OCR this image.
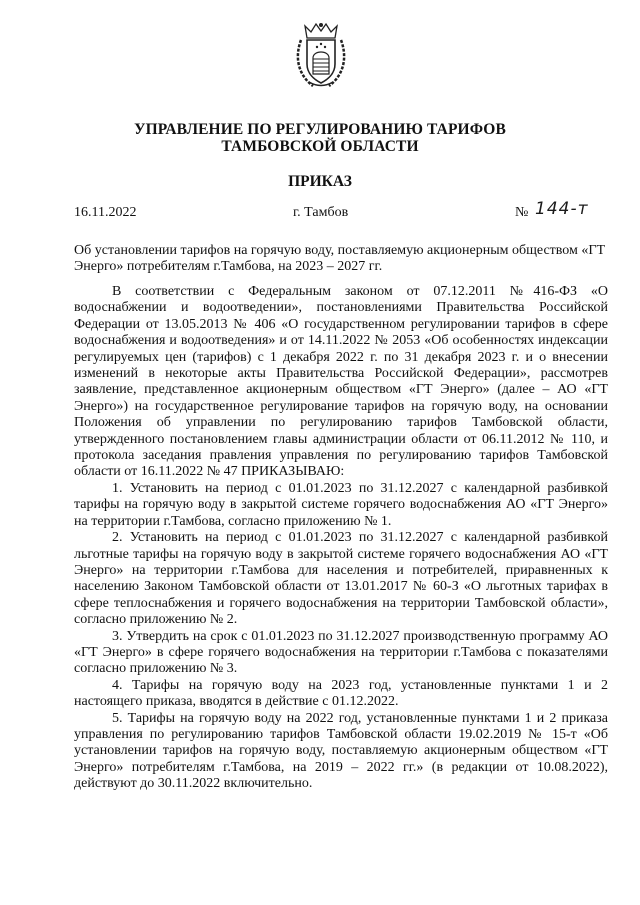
УПРАВЛЕНИЕ ПО РЕГУЛИРОВАНИЮ ТАРИФОВ
ТАМБОВСКОЙ ОБЛАСТИ
ПРИКАЗ
16.11.2022	г. Тамбов	№ 144-т
Об установлении тарифов на горячую воду, поставляемую акционерным обществом «ГТ Энерго» потребителям г.Тамбова, на 2023 – 2027 гг.

В соответствии с Федеральным законом от 07.12.2011 №416-ФЗ «О водоснабжении и водоотведении», постановлениями Правительства Российской Федерации от 13.05.2013 № 406 «О государственном регулировании тарифов в сфере водоснабжения и водоотведения» и от 14.11.2022 № 2053 «Об особенностях индексации регулируемых цен (тарифов) с 1 декабря 2022 г. по 31 декабря 2023 г. и о внесении изменений в некоторые акты Правительства Российской Федерации», рассмотрев заявление, представленное акционерным обществом «ГТ Энерго» (далее – АО «ГТ Энерго») на государственное регулирование тарифов на горячую воду, на основании Положения об управлении по регулированию тарифов Тамбовской области, утвержденного постановлением главы администрации области от 06.11.2012 № 110, и протокола заседания правления управления по регулированию тарифов Тамбовской области от 16.11.2022 № 47 ПРИКАЗЫВАЮ:

1. Установить на период с 01.01.2023 по 31.12.2027 с календарной разбивкой тарифы на горячую воду в закрытой системе горячего водоснабжения АО «ГТ Энерго» на территории г.Тамбова, согласно приложению № 1.

2. Установить на период с 01.01.2023 по 31.12.2027 с календарной разбивкой льготные тарифы на горячую воду в закрытой системе горячего водоснабжения АО «ГТ Энерго» на территории г.Тамбова для населения и потребителей, приравненных к населению Законом Тамбовской области от 13.01.2017 № 60-З «О льготных тарифах в сфере теплоснабжения и горячего водоснабжения на территории Тамбовской области», согласно приложению № 2.

3. Утвердить на срок с 01.01.2023 по 31.12.2027 производственную программу АО «ГТ Энерго» в сфере горячего водоснабжения на территории г.Тамбова с показателями согласно приложению № 3.

4. Тарифы на горячую воду на 2023 год, установленные пунктами 1 и 2 настоящего приказа, вводятся в действие с 01.12.2022.

5. Тарифы на горячую воду на 2022 год, установленные пунктами 1 и 2 приказа управления по регулированию тарифов Тамбовской области 19.02.2019 № 15-т «Об установлении тарифов на горячую воду, поставляемую акционерным обществом «ГТ Энерго» потребителям г.Тамбова, на 2019 – 2022 гг.» (в редакции от 10.08.2022), действуют до 30.11.2022 включительно.
